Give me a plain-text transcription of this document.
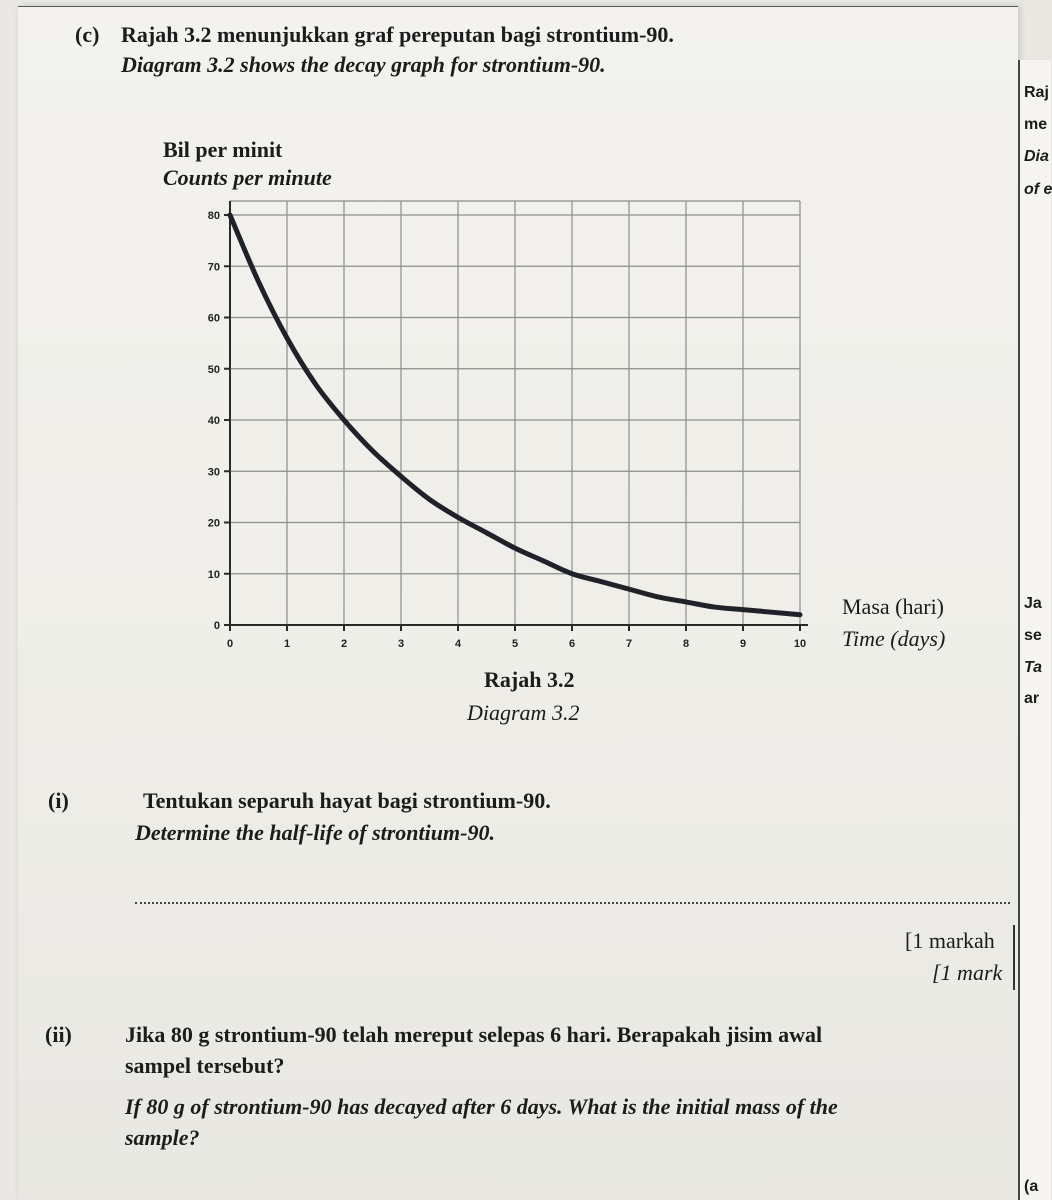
(c) Rajah 3.2 menunjukkan graf pereputan bagi strontium-90.
Diagram 3.2 shows the decay graph for strontium-90.
Bil per minit
Counts per minute
Masa (hari)
Time (days)
0
10
20
30
40
50
60
70
80
0	1	2	3	4	5	6	7	8	9	10
Rajah 3.2
Diagram 3.2
(i)	Tentukan separuh hayat bagi strontium-90.
Determine the half-life of strontium-90.
[1 markah
[1 mark
(ii) Jika 80 g strontium-90 telah mereput selepas 6 hari. Berapakah jisim awal
sampel tersebut?
If 80 g of strontium-90 has decayed after 6 days. What is the initial mass of the
sample?
Raj
me
Dia
of e
Ja
se
Ta
ar
(a
